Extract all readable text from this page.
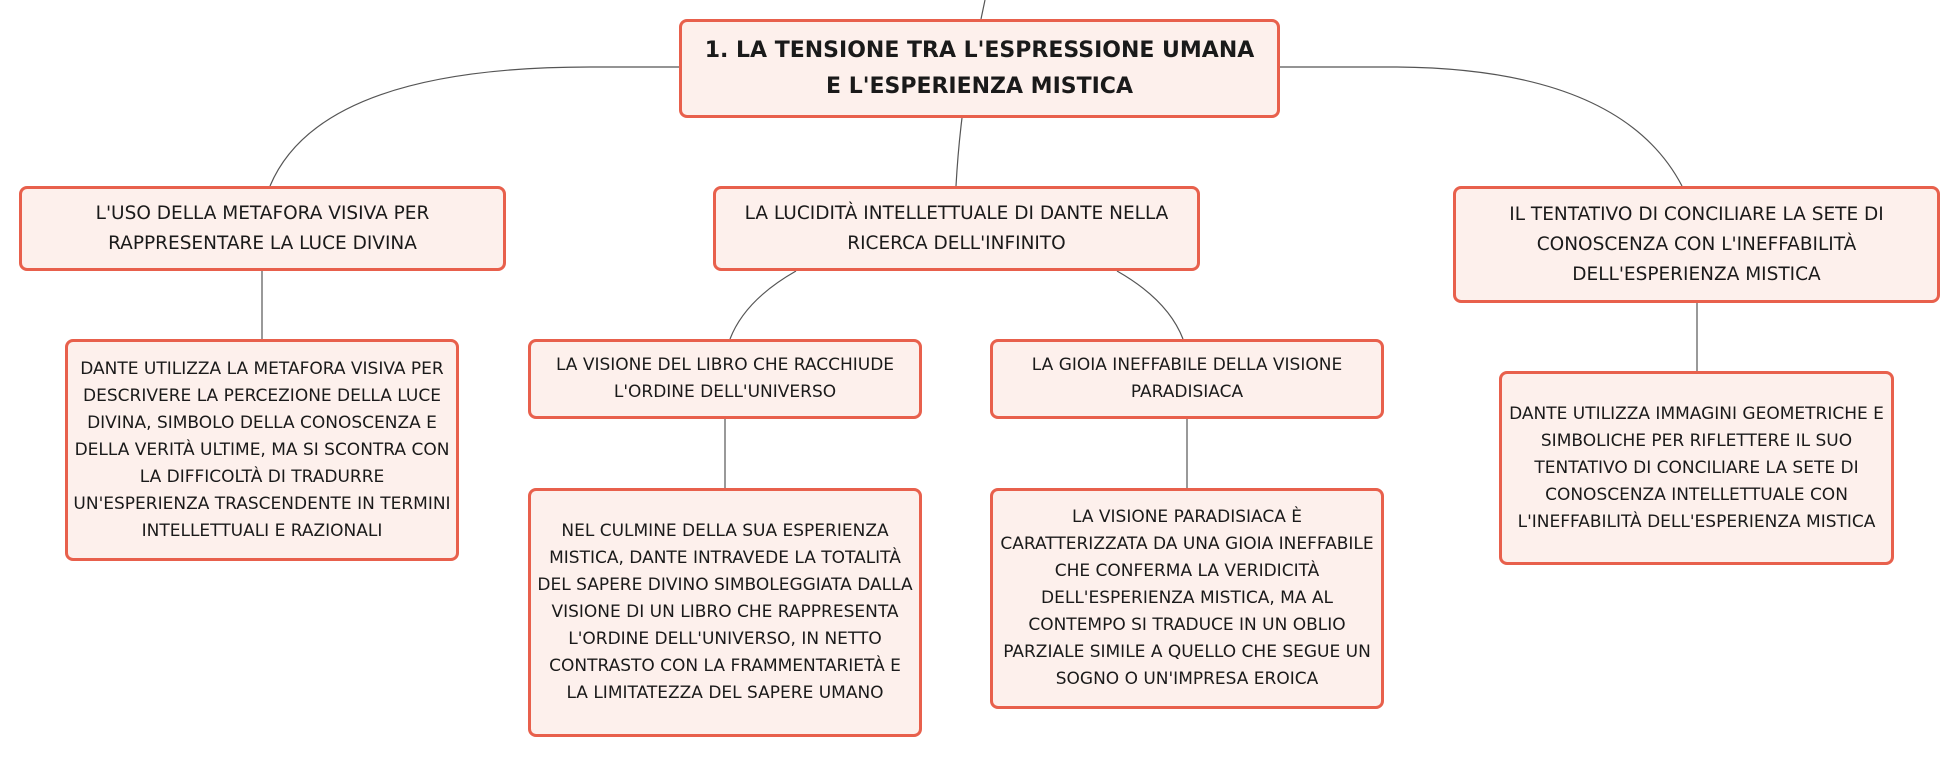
1. LA TENSIONE TRA L'ESPRESSIONE UMANA E L'ESPERIENZA MISTICA
L'USO DELLA METAFORA VISIVA PER RAPPRESENTARE LA LUCE DIVINA
LA LUCIDITÀ INTELLETTUALE DI DANTE NELLA RICERCA DELL'INFINITO
IL TENTATIVO DI CONCILIARE LA SETE DI CONOSCENZA CON L'INEFFABILITÀ DELL'ESPERIENZA MISTICA
LA VISIONE DEL LIBRO CHE RACCHIUDE L'ORDINE DELL'UNIVERSO
LA GIOIA INEFFABILE DELLA VISIONE PARADISIACA
DANTE UTILIZZA LA METAFORA VISIVA PER DESCRIVERE LA PERCEZIONE DELLA LUCE DIVINA, SIMBOLO DELLA CONOSCENZA E DELLA VERITÀ ULTIME, MA SI SCONTRA CON LA DIFFICOLTÀ DI TRADURRE UN'ESPERIENZA TRASCENDENTE IN TERMINI INTELLETTUALI E RAZIONALI	NEL CULMINE DELLA SUA ESPERIENZA MISTICA, DANTE INTRAVEDE LA TOTALITÀ DEL SAPERE DIVINO SIMBOLEGGIATA DALLA VISIONE DI UN LIBRO CHE RAPPRESENTA L'ORDINE DELL'UNIVERSO, IN NETTO CONTRASTO CON LA FRAMMENTARIETÀ E LA LIMITATEZZA DEL SAPERE UMANO
LA VISIONE PARADISIACA È CARATTERIZZATA DA UNA GIOIA INEFFABILE CHE CONFERMA LA VERIDICITÀ DELL'ESPERIENZA MISTICA, MA AL CONTEMPO SI TRADUCE IN UN OBLIO PARZIALE SIMILE A QUELLO CHE SEGUE UN SOGNO O UN'IMPRESA EROICA
DANTE UTILIZZA IMMAGINI GEOMETRICHE E SIMBOLICHE PER RIFLETTERE IL SUO TENTATIVO DI CONCILIARE LA SETE DI CONOSCENZA INTELLETTUALE CON L'INEFFABILITÀ DELL'ESPERIENZA MISTICA
